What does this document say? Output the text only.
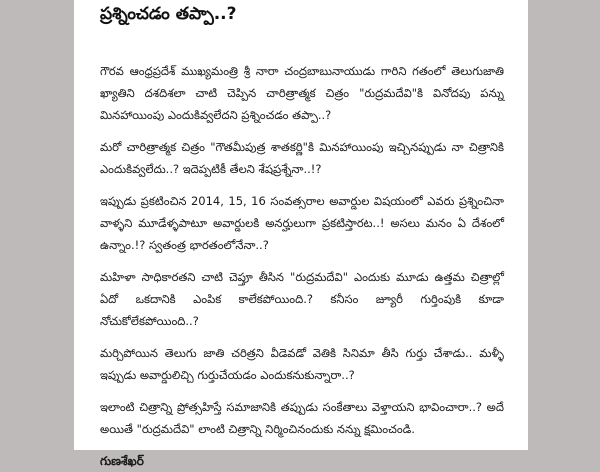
ప్రశ్నించడం తప్పా..?

గౌరవ ఆంధ్రప్రదేశ్ ముఖ్యమంత్రి శ్రీ నారా చంద్రబాబునాయుడు గారిని గతంలో తెలుగుజాతి ఖ్యాతిని దశదిశలా చాటి చెప్పిన చారిత్రాత్మక చిత్రం "రుద్రమదేవి"కి వినోదపు పన్ను మినహాయింపు ఎందుకివ్వలేదని ప్రశ్నించడం తప్పా..?

మరో చారిత్రాత్మక చిత్రం "గౌతమీపుత్ర శాతకర్ణి"కి మినహాయింపు ఇచ్చినప్పుడు నా చిత్రానికి ఎందుకివ్వలేదు..? ఇదెప్పటికీ తేలని శేషప్రశ్నేనా..!?

ఇప్పుడు ప్రకటించిన 2014, 15, 16 సంవత్సరాల అవార్డుల విషయంలో ఎవరు ప్రశ్నించినా వాళ్ళని మూడేళ్ళపాటూ అవార్డులకి అనర్హులుగా ప్రకటిస్తారట..! అసలు మనం ఏ దేశంలో ఉన్నాం.!? స్వతంత్ర భారతంలోనేనా..?

మహిళా సాధికారతని చాటి చెప్తూ తీసిన "రుద్రమదేవి" ఎందుకు మూడు ఉత్తమ చిత్రాల్లో ఏదో ఒకదానికి ఎంపిక కాలేకపోయింది.? కనీసం జ్యూరీ గుర్తింపుకి కూడా నోచుకోలేకపోయింది..?

మర్చిపోయిన తెలుగు జాతి చరిత్రని వీడెవడో వెతికి సినిమా తీసి గుర్తు చేశాడు.. మళ్ళీ ఇప్పుడు అవార్డులిచ్చి గుర్తుచేయడం ఎందుకనుకున్నారా..?

ఇలాంటి చిత్రాన్ని ప్రోత్సహిస్తే సమాజానికి తప్పుడు సంకేతాలు వెళ్తాయని భావించారా..? అదే అయితే "రుద్రమదేవి" లాంటి చిత్రాన్ని నిర్మించినందుకు నన్ను క్షమించండి.

గుణశేఖర్
